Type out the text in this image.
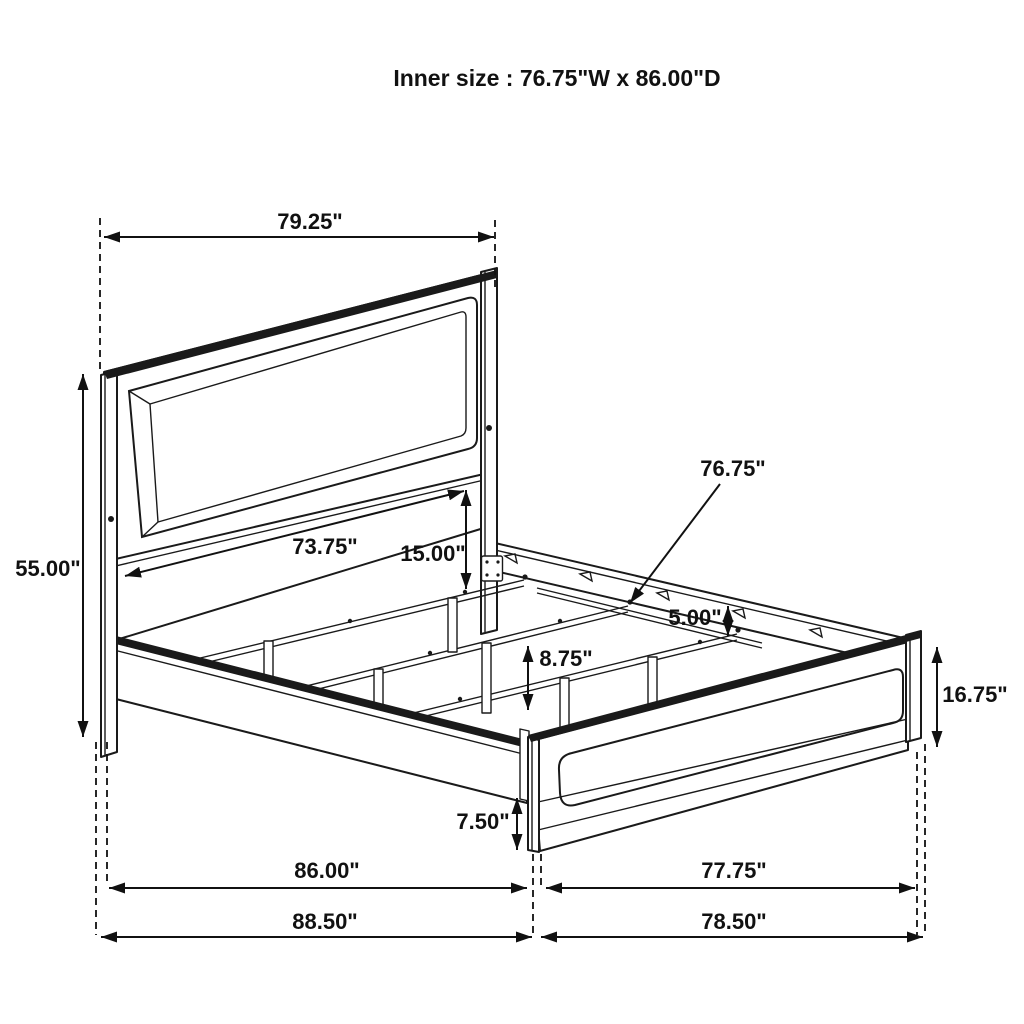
Inner size : 76.75"W x 86.00"D
79.25"
55.00"
73.75" 15.00"
76.75"
5.00"
8.75"
16.75"
7.50"
86.00"	77.75"
88.50"	78.50"
